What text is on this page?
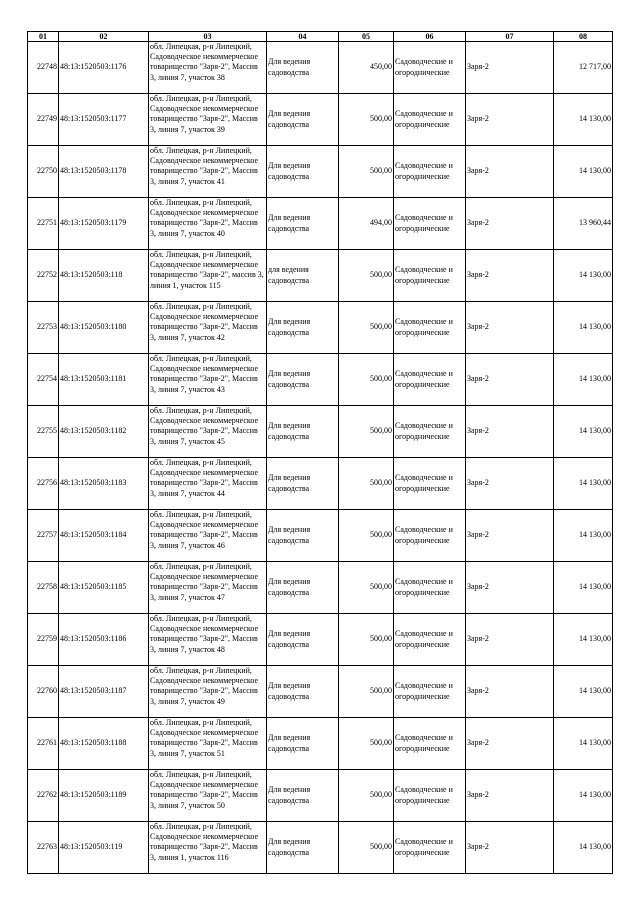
01	02	03	04	05	06	07	08
22748	48:13:1520503:1176	обл. Липецкая, р-н Липецкий, Садоводческое некоммерческое товарищество "Заря-2", Массив 3, линия 7, участок 38	Для ведения садоводства	450,00	Садоводческие и огороднические	Заря-2	12 717,00
22749	48:13:1520503:1177	обл. Липецкая, р-н Липецкий, Садоводческое некоммерческое товарищество "Заря-2", Массив 3, линия 7, участок 39	Для ведения садоводства	500,00	Садоводческие и огороднические	Заря-2	14 130,00
22750	48:13:1520503:1178	обл. Липецкая, р-н Липецкий, Садоводческое некоммерческое товарищество "Заря-2", Массив 3, линия 7, участок 41	Для ведения садоводства	500,00	Садоводческие и огороднические	Заря-2	14 130,00
22751	48:13:1520503:1179	обл. Липецкая, р-н Липецкий, Садоводческое некоммерческое товарищество "Заря-2", Массив 3, линия 7, участок 40	Для ведения садоводства	494,00	Садоводческие и огороднические	Заря-2	13 960,44
22752	48:13:1520503:118	обл. Липецкая, р-н Липецкий, Садоводческое некоммерческое товарищество "Заря-2", массив 3, линия 1, участок 115	для ведения садоводства	500,00	Садоводческие и огороднические	Заря-2	14 130,00
22753	48:13:1520503:1180	обл. Липецкая, р-н Липецкий, Садоводческое некоммерческое товарищество "Заря-2", Массив 3, линия 7, участок 42	Для ведения садоводства	500,00	Садоводческие и огороднические	Заря-2	14 130,00
22754	48:13:1520503:1181	обл. Липецкая, р-н Липецкий, Садоводческое некоммерческое товарищество "Заря-2", Массив 3, линия 7, участок 43	Для ведения садоводства	500,00	Садоводческие и огороднические	Заря-2	14 130,00
22755	48:13:1520503:1182	обл. Липецкая, р-н Липецкий, Садоводческое некоммерческое товарищество "Заря-2", Массив 3, линия 7, участок 45	Для ведения садоводства	500,00	Садоводческие и огороднические	Заря-2	14 130,00
22756	48:13:1520503:1183	обл. Липецкая, р-н Липецкий, Садоводческое некоммерческое товарищество "Заря-2", Массив 3, линия 7, участок 44	Для ведения садоводства	500,00	Садоводческие и огороднические	Заря-2	14 130,00
22757	48:13:1520503:1184	обл. Липецкая, р-н Липецкий, Садоводческое некоммерческое товарищество "Заря-2", Массив 3, линия 7, участок 46	Для ведения садоводства	500,00	Садоводческие и огороднические	Заря-2	14 130,00
22758	48:13:1520503:1185	обл. Липецкая, р-н Липецкий, Садоводческое некоммерческое товарищество "Заря-2", Массив 3, линия 7, участок 47	Для ведения садоводства	500,00	Садоводческие и огороднические	Заря-2	14 130,00
22759	48:13:1520503:1186	обл. Липецкая, р-н Липецкий, Садоводческое некоммерческое товарищество "Заря-2", Массив 3, линия 7, участок 48	Для ведения садоводства	500,00	Садоводческие и огороднические	Заря-2	14 130,00
22760	48:13:1520503:1187	обл. Липецкая, р-н Липецкий, Садоводческое некоммерческое товарищество "Заря-2", Массив 3, линия 7, участок 49	Для ведения садоводства	500,00	Садоводческие и огороднические	Заря-2	14 130,00
22761	48:13:1520503:1188	обл. Липецкая, р-н Липецкий, Садоводческое некоммерческое товарищество "Заря-2", Массив 3, линия 7, участок 51	Для ведения садоводства	500,00	Садоводческие и огороднические	Заря-2	14 130,00
22762	48:13:1520503:1189	обл. Липецкая, р-н Липецкий, Садоводческое некоммерческое товарищество "Заря-2", Массив 3, линия 7, участок 50	Для ведения садоводства	500,00	Садоводческие и огороднические	Заря-2	14 130,00
22763	48:13:1520503:119	обл. Липецкая, р-н Липецкий, Садоводческое некоммерческое товарищество "Заря-2", Массив 3, линия 1, участок 116	Для ведения садоводства	500,00	Садоводческие и огороднические	Заря-2	14 130,00
